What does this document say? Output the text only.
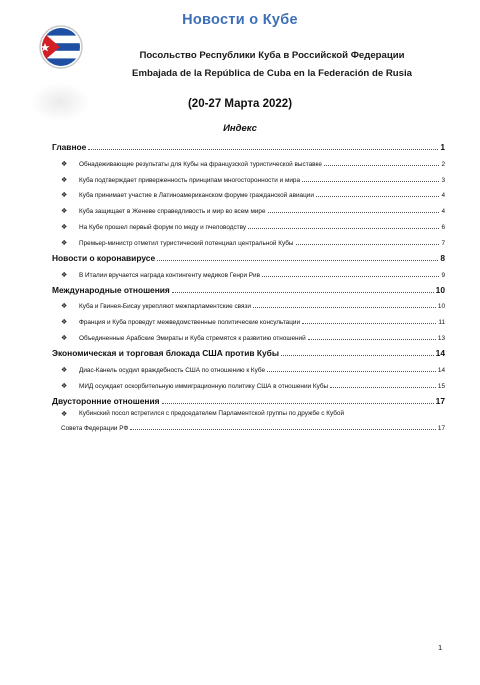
Новости о Кубе
Посольство Республики Куба в Российской Федерации
Embajada de la República de Cuba en la Federación de Rusia
(20-27 Марта 2022)
Индекс
Главное	1
❖	Обнадеживающие результаты для Кубы на французской туристической выставке	2
❖	Куба подтверждает приверженность принципам многосторонности и мира	3
❖	Куба принимает участие в Латиноамериканском форуме гражданской авиации	4
❖	Куба защищает в Женеве справедливость и мир во всем мире	4
❖	На Кубе прошел первый форум по меду и пчеловодству	6
❖	Премьер-министр отметил туристический потенциал центральной Кубы	7
Новости о коронавирусе	8
❖	В Италии вручается награда контингенту медиков Генри Рив	9
Международные отношения	10
❖	Куба и Гвинея-Бисау укрепляют межпарламентские связи	10
❖	Франция и Куба проведут межведомственные политические консультации	11
❖	Объединенные Арабские Эмираты и Куба стремятся к развитию отношений	13
Экономическая и торговая блокада США против Кубы	14
❖	Диас-Канель осудил враждебность США по отношению к Кубе	14
❖	МИД осуждает оскорбительную иммиграционную политику США в отношении Кубы	15
Двусторонние отношения	17
❖	Кубинский посол встретился с председателем Парламентской группы по дружбе с Кубой
Совета Федерации РФ	17
1
